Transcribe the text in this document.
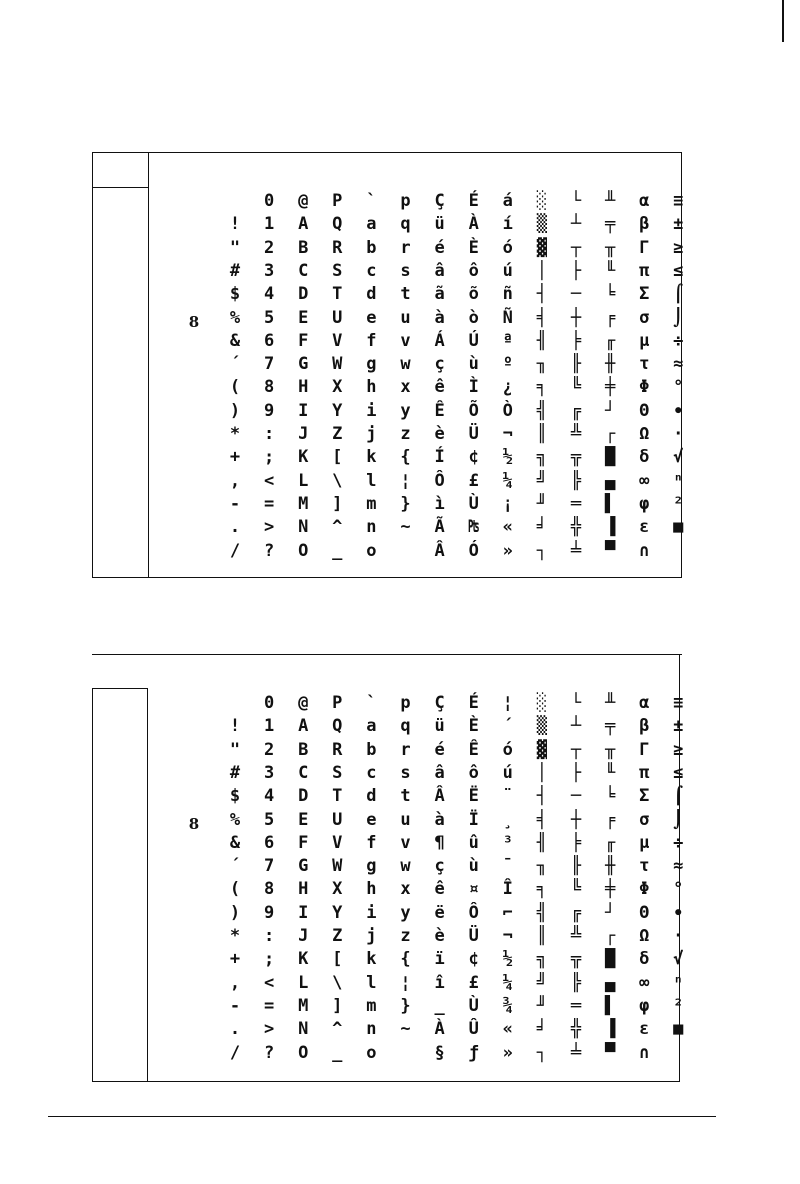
8
!
"
#
$
%
&
´
(
)
*
+
,
-
.
/
0
1
2
3
4
5
6
7
8
9
:
;
<
=
>
?
@
A
B
C
D
E
F
G
H
I
J
K
L
M
N
O
P
Q
R
S
T
U
V
W
X
Y
Z
[
\
]
^
_
`
a
b
c
d
e
f
g
h
i
j
k
l
m
n
o
p
q
r
s
t
u
v
w
x
y
z
{
¦
}
~
Ç
ü
é
â
ã
à
Á
ç
ê
Ê
è
Í
Ô
ì
Ã
Â
É
À
È
ô
õ
ò
Ú
ù
Ì
Õ
Ü
¢
£
Ù
₧
Ó
á
í
ó
ú
ñ
Ñ
ª
º
¿
Ò
¬
½
¼
¡
«
»
░
▒
▓
│
┤
╡
╢
╖
╕
╣
║
╗
╝
╜
╛
┐
└
┴
┬
├
─
┼
╞
╟
╚
╔
╩
╦
╠
═
╬
╧
╨
╤
╥
╙
╘
╒
╓
╫
╪
┘
┌
█
▄
▌
▐
▀
α
β
Γ
π
Σ
σ
µ
τ
Φ
Θ
Ω
δ
∞
φ
ε
∩
≡
±
≥
≤
⌠
⌡
÷
≈
°
∙
·
√
ⁿ
²
■
8
!
"
#
$
%
&
´
(
)
*
+
,
-
.
/
0
1
2
3
4
5
6
7
8
9
:
;
<
=
>
?
@
A
B
C
D
E
F
G
H
I
J
K
L
M
N
O
P
Q
R
S
T
U
V
W
X
Y
Z
[
\
]
^
_
`
a
b
c
d
e
f
g
h
i
j
k
l
m
n
o
p
q
r
s
t
u
v
w
x
y
z
{
¦
}
~
Ç
ü
é
â
Â
à
¶
ç
ê
ë
è
ï
î
_
À
§
É
È
Ê
ô
Ë
Ï
û
ù
¤
Ô
Ü
¢
£
Ù
Û
ƒ
¦
´
ó
ú
¨
¸
³
¯
Î
⌐
¬
½
¼
¾
«
»
░
▒
▓
│
┤
╡
╢
╖
╕
╣
║
╗
╝
╜
╛
┐
└
┴
┬
├
─
┼
╞
╟
╚
╔
╩
╦
╠
═
╬
╧
╨
╤
╥
╙
╘
╒
╓
╫
╪
┘
┌
█
▄
▌
▐
▀
α
β
Γ
π
Σ
σ
µ
τ
Φ
Θ
Ω
δ
∞
φ
ε
∩
≡
±
≥
≤
⌠
⌡
÷
≈
°
∙
·
√
ⁿ
²
■
